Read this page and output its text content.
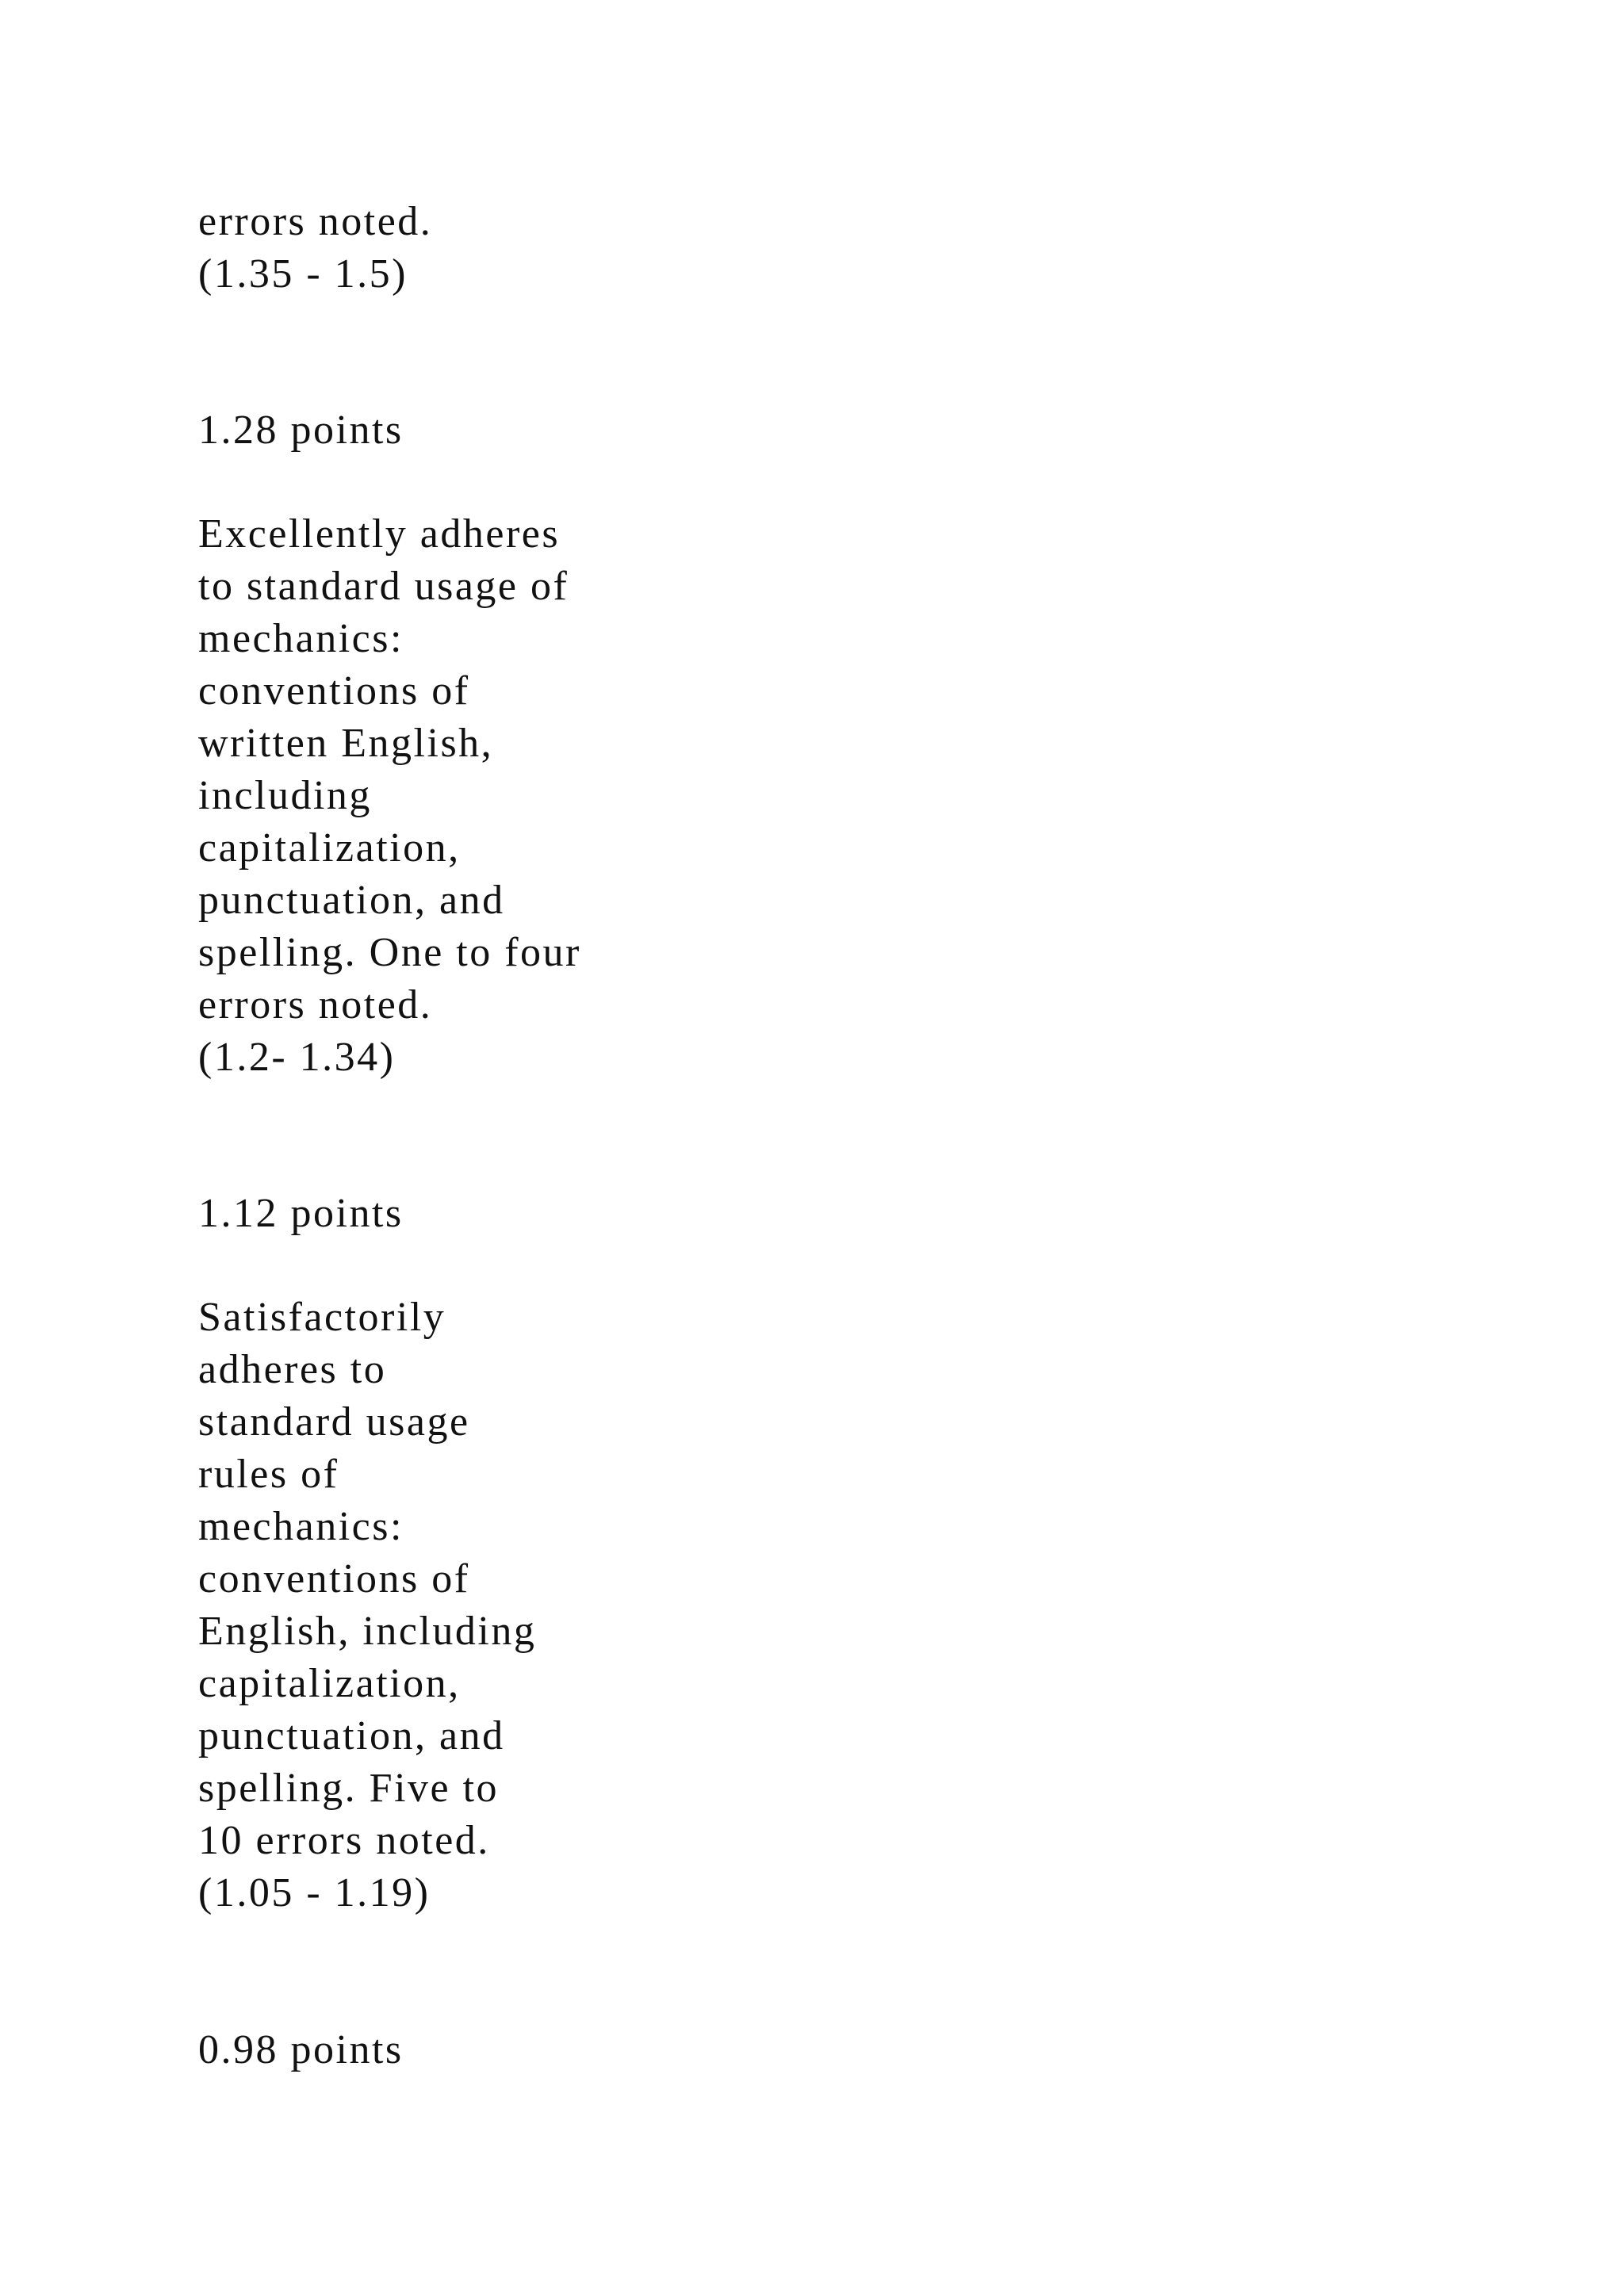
errors noted.

(1.35 - 1.5)

1.28 points

Excellently adheres

to standard usage of

mechanics:

conventions of

written English,

including

capitalization,

punctuation, and

spelling. One to four

errors noted.

(1.2- 1.34)

1.12 points

Satisfactorily

adheres to

standard usage

rules of

mechanics:

conventions of

English, including

capitalization,

punctuation, and

spelling. Five to

10 errors noted.

(1.05 - 1.19)

0.98 points
